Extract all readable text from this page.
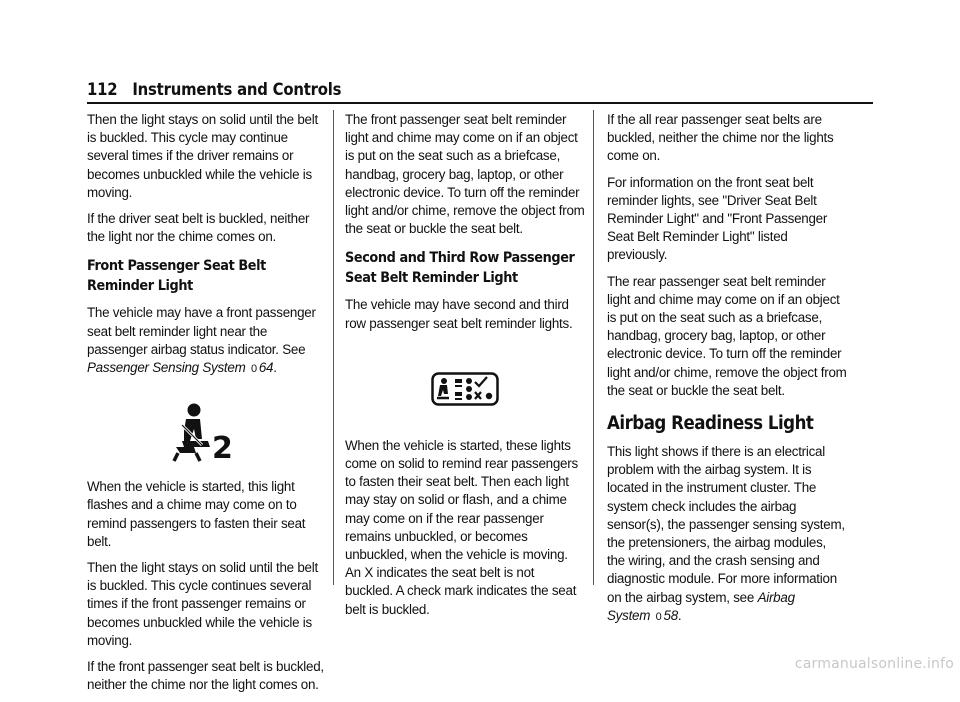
112 Instruments and Controls

Then the light stays on solid until the belt is buckled. This cycle may continue several times if the driver remains or becomes unbuckled while the vehicle is moving.

If the driver seat belt is buckled, neither the light nor the chime comes on.

Front Passenger Seat Belt Reminder Light

The vehicle may have a front passenger seat belt reminder light near the passenger airbag status indicator. See Passenger Sensing System 0 64.

2

When the vehicle is started, this light flashes and a chime may come on to remind passengers to fasten their seat belt.

Then the light stays on solid until the belt is buckled. This cycle continues several times if the front passenger remains or becomes unbuckled while the vehicle is moving.

If the front passenger seat belt is buckled, neither the chime nor the light comes on.

The front passenger seat belt reminder light and chime may come on if an object is put on the seat such as a briefcase, handbag, grocery bag, laptop, or other electronic device. To turn off the reminder light and/or chime, remove the object from the seat or buckle the seat belt.

Second and Third Row Passenger Seat Belt Reminder Light

The vehicle may have second and third row passenger seat belt reminder lights.

When the vehicle is started, these lights come on solid to remind rear passengers to fasten their seat belt. Then each light may stay on solid or flash, and a chime may come on if the rear passenger remains unbuckled, or becomes unbuckled, when the vehicle is moving. An X indicates the seat belt is not buckled. A check mark indicates the seat belt is buckled.

If the all rear passenger seat belts are buckled, neither the chime nor the lights come on.

For information on the front seat belt reminder lights, see "Driver Seat Belt Reminder Light" and "Front Passenger Seat Belt Reminder Light" listed previously.

The rear passenger seat belt reminder light and chime may come on if an object is put on the seat such as a briefcase, handbag, grocery bag, laptop, or other electronic device. To turn off the reminder light and/or chime, remove the object from the seat or buckle the seat belt.

Airbag Readiness Light

This light shows if there is an electrical problem with the airbag system. It is located in the instrument cluster. The system check includes the airbag sensor(s), the passenger sensing system, the pretensioners, the airbag modules, the wiring, and the crash sensing and diagnostic module. For more information on the airbag system, see Airbag System 0 58.

carmanualsonline.info
